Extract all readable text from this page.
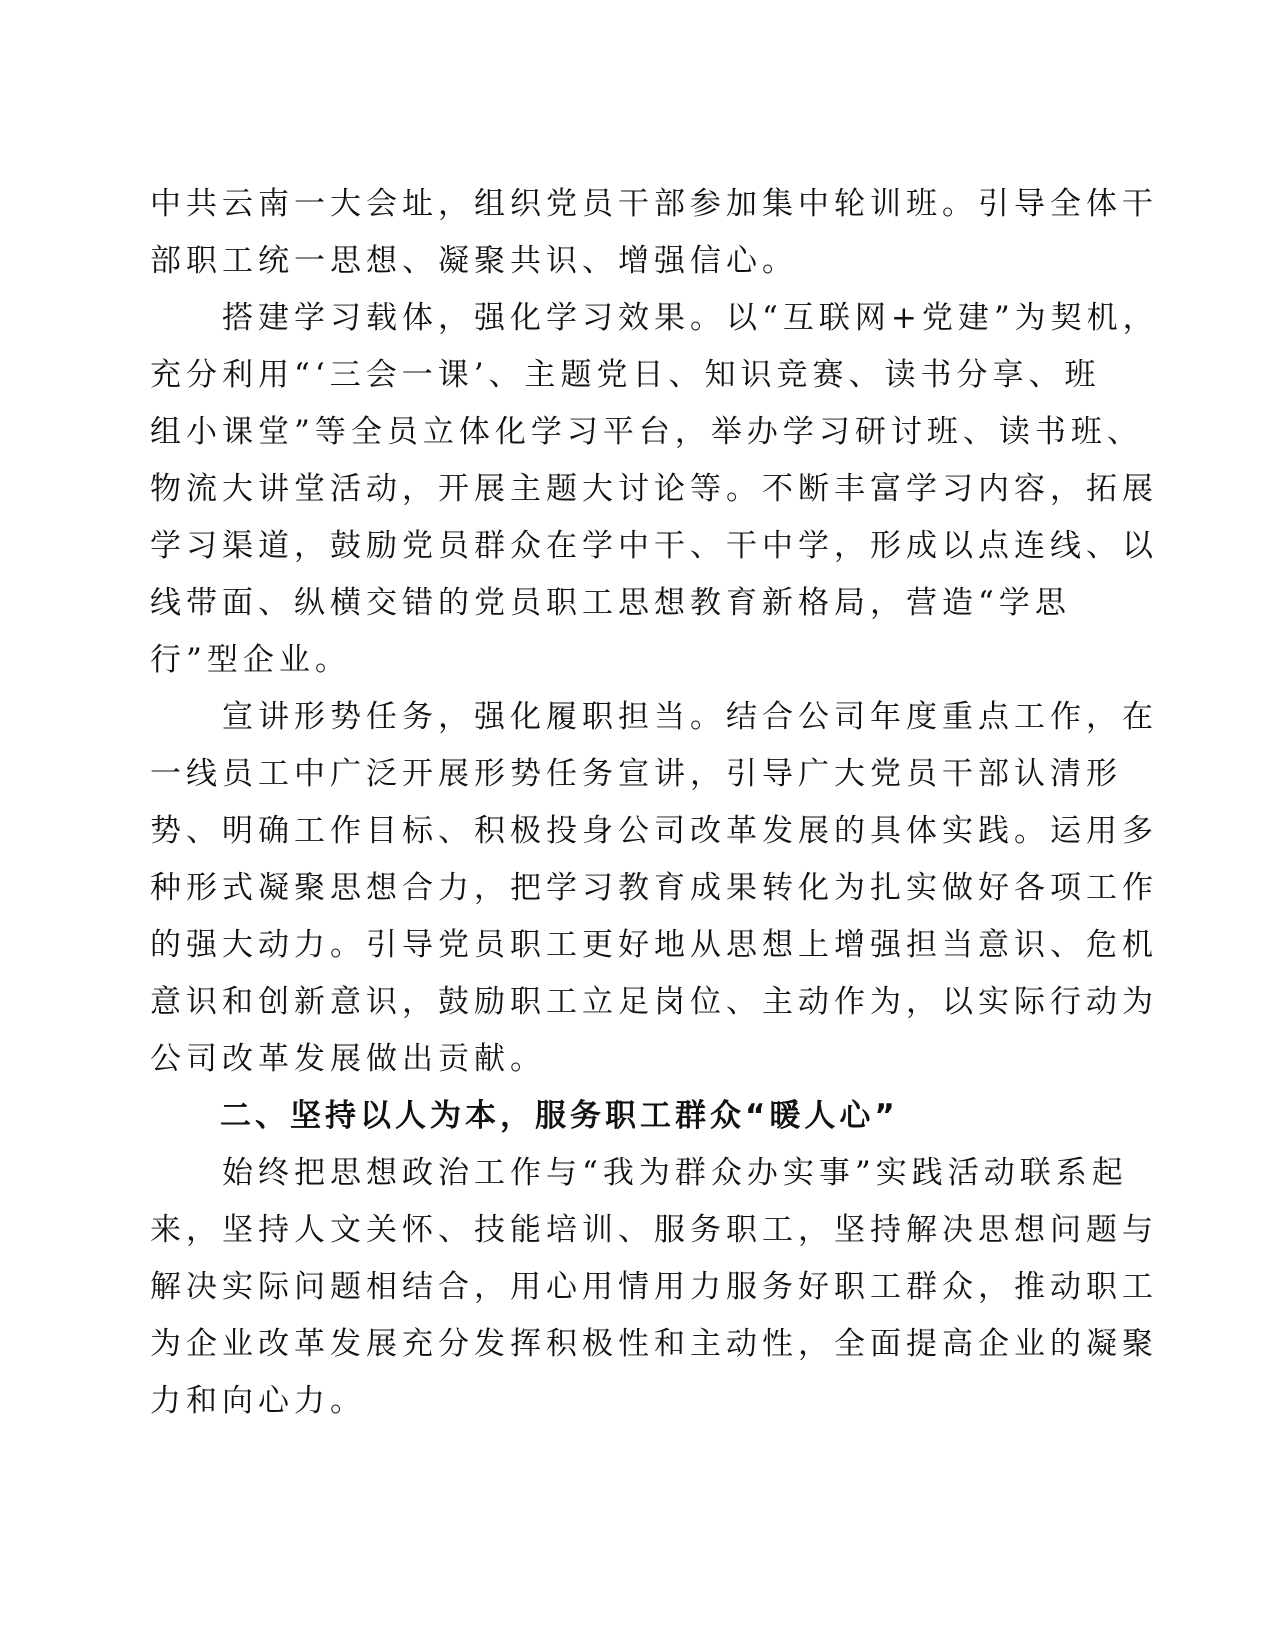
中共云南一大会址，组织党员干部参加集中轮训班。引导全体干
部职工统一思想、凝聚共识、增强信心。
　　搭建学习载体，强化学习效果。以“互联网+党建”为契机，
充分利用“‘三会一课’、主题党日、知识竞赛、读书分享、班
组小课堂”等全员立体化学习平台，举办学习研讨班、读书班、
物流大讲堂活动，开展主题大讨论等。不断丰富学习内容，拓展
学习渠道，鼓励党员群众在学中干、干中学，形成以点连线、以
线带面、纵横交错的党员职工思想教育新格局，营造“学思
行”型企业。
　　宣讲形势任务，强化履职担当。结合公司年度重点工作，在
一线员工中广泛开展形势任务宣讲，引导广大党员干部认清形
势、明确工作目标、积极投身公司改革发展的具体实践。运用多
种形式凝聚思想合力，把学习教育成果转化为扎实做好各项工作
的强大动力。引导党员职工更好地从思想上增强担当意识、危机
意识和创新意识，鼓励职工立足岗位、主动作为，以实际行动为
公司改革发展做出贡献。
　　二、坚持以人为本，服务职工群众“暖人心”
　　始终把思想政治工作与“我为群众办实事”实践活动联系起
来，坚持人文关怀、技能培训、服务职工，坚持解决思想问题与
解决实际问题相结合，用心用情用力服务好职工群众，推动职工
为企业改革发展充分发挥积极性和主动性，全面提高企业的凝聚
力和向心力。
